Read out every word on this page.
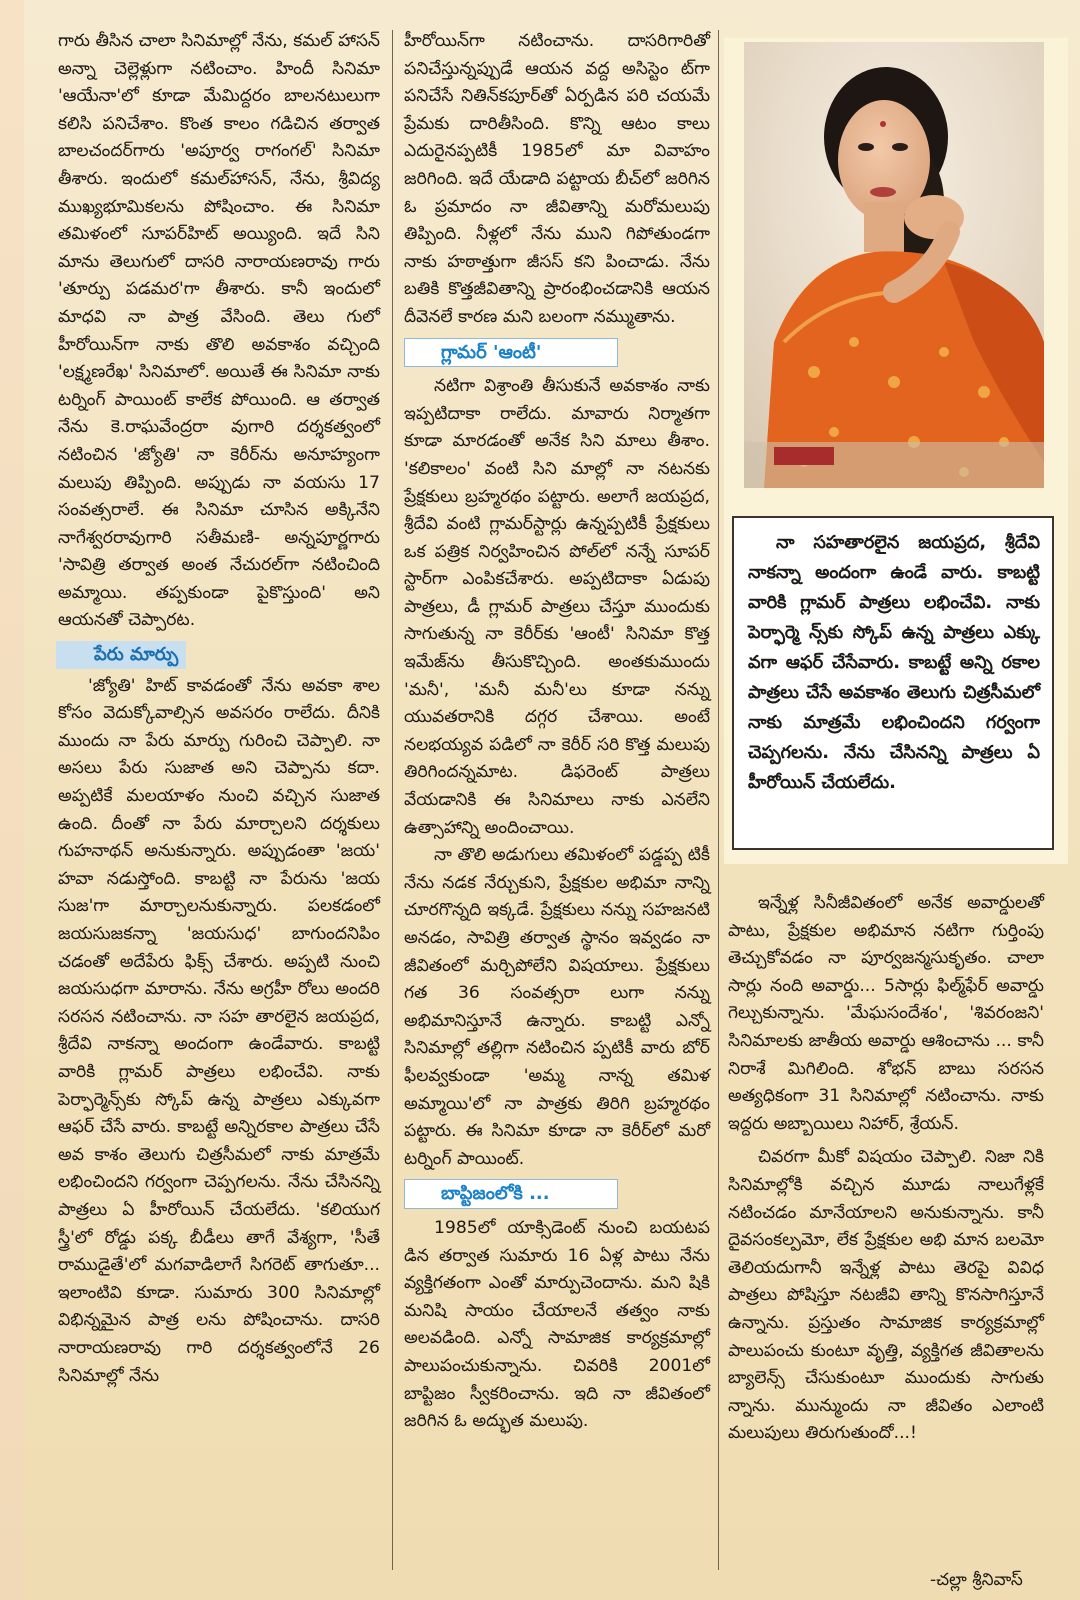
గారు తీసిన చాలా సినిమాల్లో నేను, కమల్ హాసన్ అన్నా చెల్లెళ్లుగా నటించాం. హిందీ సినిమా 'ఆయేనా'లో కూడా మేమిద్దరం బాలనటులుగా కలిసి పనిచేశాం. కొంత కాలం గడిచిన తర్వాత బాలచందర్‌గారు 'అపూర్వ రాగంగల్' సినిమా తీశారు. ఇందులో కమల్‌హాసన్, నేను, శ్రీవిద్య ముఖ్యభూమికలను పోషించాం. ఈ సినిమా తమిళంలో సూపర్‌హిట్ అయ్యింది. ఇదే సిని మాను తెలుగులో దాసరి నారాయణరావు గారు 'తూర్పు పడమర'గా తీశారు. కానీ ఇందులో మాధవి నా పాత్ర వేసింది. తెలు గులో హీరోయిన్‌గా నాకు తొలి అవకాశం వచ్చింది 'లక్ష్మణరేఖ' సినిమాలో. అయితే ఈ సినిమా నాకు టర్నింగ్ పాయింట్ కాలేక పోయింది. ఆ తర్వాత నేను కె.రాఘవేంద్రరా వుగారి దర్శకత్వంలో నటించిన 'జ్యోతి' నా కెరీర్‌ను అనూహ్యంగా మలుపు తిప్పింది. అప్పుడు నా వయసు 17 సంవత్సరాలే. ఈ సినిమా చూసిన అక్కినేని నాగేశ్వరరావుగారి సతీమణి- అన్నపూర్ణగారు 'సావిత్రి తర్వాత అంత నేచురల్‌గా నటించింది అమ్మాయి. తప్పకుండా పైకొస్తుంది' అని ఆయనతో చెప్పారట.

పేరు మార్పు

'జ్యోతి' హిట్ కావడంతో నేను అవకా శాల కోసం వెదుక్కోవాల్సిన అవసరం రాలేదు. దీనికి ముందు నా పేరు మార్పు గురించి చెప్పాలి. నా అసలు పేరు సుజాత అని చెప్పాను కదా. అప్పటికే మలయాళం నుంచి వచ్చిన సుజాత ఉంది. దీంతో నా పేరు మార్చాలని దర్శకులు గుహనాథన్ అనుకున్నారు. అప్పుడంతా 'జయ' హవా నడుస్తోంది. కాబట్టి నా పేరును 'జయ సుజ'గా మార్చాలనుకున్నారు. పలకడంలో జయసుజకన్నా 'జయసుధ' బాగుందనిపిం చడంతో అదేపేరు ఫిక్స్ చేశారు. అప్పటి నుంచి జయసుధగా మారాను. నేను అగ్రహీ రోలు అందరి సరసన నటించాను. నా సహ తారలైన జయప్రద, శ్రీదేవి నాకన్నా అందంగా ఉండేవారు. కాబట్టి వారికి గ్లామర్ పాత్రలు లభించేవి. నాకు పెర్ఫార్మెన్స్‌కు స్కోప్ ఉన్న పాత్రలు ఎక్కువగా ఆఫర్ చేసే వారు. కాబట్టే అన్నిరకాల పాత్రలు చేసే అవ కాశం తెలుగు చిత్రసీమలో నాకు మాత్రమే లభించిందని గర్వంగా చెప్పగలను. నేను చేసినన్ని పాత్రలు ఏ హీరోయిన్ చేయలేదు. 'కలియుగ స్త్రీ'లో రోడ్డు పక్క బీడీలు తాగే వేశ్యగా, 'సీతే రాముడైతే'లో మగవాడిలాగే సిగరెట్ తాగుతూ... ఇలాంటివి కూడా. సుమారు 300 సినిమాల్లో విభిన్నమైన పాత్ర లను పోషించాను. దాసరి నారాయణరావు గారి దర్శకత్వంలోనే 26 సినిమాల్లో నేను

హీరోయిన్‌గా నటించాను. దాసరిగారితో పనిచేస్తున్నప్పుడే ఆయన వద్ద అసిస్టెం ట్‌గా పనిచేసే నితిన్‌కపూర్‌తో ఏర్పడిన పరి చయమే ప్రేమకు దారితీసింది. కొన్ని ఆటం కాలు ఎదురైనప్పటికీ 1985లో మా వివాహం జరిగింది. ఇదే యేడాది పట్టాయ బీచ్‌లో జరిగిన ఓ ప్రమాదం నా జీవితాన్ని మరోమలుపు తిప్పింది. నీళ్లలో నేను ముని గిపోతుండగా నాకు హఠాత్తుగా జీసస్ కని పించాడు. నేను బతికి కొత్తజీవితాన్ని ప్రారంభించడానికి ఆయన దీవెనలే కారణ మని బలంగా నమ్ముతాను.

గ్లామర్ 'ఆంటీ'

నటిగా విశ్రాంతి తీసుకునే అవకాశం నాకు ఇప్పటిదాకా రాలేదు. మావారు నిర్మాతగా కూడా మారడంతో అనేక సిని మాలు తీశాం. 'కలికాలం' వంటి సిని మాల్లో నా నటనకు ప్రేక్షకులు బ్రహ్మరథం పట్టారు. అలాగే జయప్రద, శ్రీదేవి వంటి గ్లామర్‌స్టార్లు ఉన్నప్పటికీ ప్రేక్షకులు ఒక పత్రిక నిర్వహించిన పోల్‌లో నన్నే సూపర్ స్టార్‌గా ఎంపికచేశారు. అప్పటిదాకా ఏడుపు పాత్రలు, డీ గ్లామర్ పాత్రలు చేస్తూ ముందుకు సాగుతున్న నా కెరీర్‌కు 'ఆంటీ' సినిమా కొత్త ఇమేజ్‌ను తీసుకొచ్చింది. అంతకుముందు 'మనీ', 'మనీ మనీ'లు కూడా నన్ను యువతరానికి దగ్గర చేశాయి. అంటే నలభయ్యవ పడిలో నా కెరీర్ సరి కొత్త మలుపు తిరిగిందన్నమాట. డిఫరెంట్ పాత్రలు వేయడానికి ఈ సినిమాలు నాకు ఎనలేని ఉత్సాహాన్ని అందించాయి.

నా తొలి అడుగులు తమిళంలో పడ్డప్ప టికీ నేను నడక నేర్చుకుని, ప్రేక్షకుల అభిమా నాన్ని చూరగొన్నది ఇక్కడే. ప్రేక్షకులు నన్ను సహజనటి అనడం, సావిత్రి తర్వాత స్థానం ఇవ్వడం నా జీవితంలో మర్చిపోలేని విషయాలు. ప్రేక్షకులు గత 36 సంవత్సరా లుగా నన్ను అభిమానిస్తూనే ఉన్నారు. కాబట్టి ఎన్నో సినిమాల్లో తల్లిగా నటించిన ప్పటికీ వారు బోర్ ఫీలవ్వకుండా 'అమ్మ నాన్న తమిళ అమ్మాయి'లో నా పాత్రకు తిరిగి బ్రహ్మరథం పట్టారు. ఈ సినిమా కూడా నా కెరీర్‌లో మరో టర్నింగ్ పాయింట్.

బాప్టిజంలోకి ...

1985లో యాక్సిడెంట్ నుంచి బయటప డిన తర్వాత సుమారు 16 ఏళ్ల పాటు నేను వ్యక్తిగతంగా ఎంతో మార్పుచెందాను. మని షికి మనిషి సాయం చేయాలనే తత్వం నాకు అలవడింది. ఎన్నో సామాజిక కార్యక్రమాల్లో పాలుపంచుకున్నాను. చివరికి 2001లో బాప్టిజం స్వీకరించాను. ఇది నా జీవితంలో జరిగిన ఓ అద్భుత మలుపు.

నా సహతారలైన జయప్రద, శ్రీదేవి నాకన్నా అందంగా ఉండే వారు. కాబట్టి వారికి గ్లామర్ పాత్రలు లభించేవి. నాకు పెర్ఫార్మె న్స్‌కు స్కోప్ ఉన్న పాత్రలు ఎక్కు వగా ఆఫర్ చేసేవారు. కాబట్టే అన్ని రకాల పాత్రలు చేసే అవకాశం తెలుగు చిత్రసీమలో నాకు మాత్రమే లభించిందని గర్వంగా చెప్పగలను. నేను చేసినన్ని పాత్రలు ఏ హీరోయిన్ చేయలేదు.

ఇన్నేళ్ల సినీజీవితంలో అనేక అవార్డులతో పాటు, ప్రేక్షకుల అభిమాన నటిగా గుర్తింపు తెచ్చుకోవడం నా పూర్వజన్మసుకృతం. చాలా సార్లు నంది అవార్డు... 5సార్లు ఫిల్మ్‌ఫేర్ అవార్డు గెల్చుకున్నాను. 'మేఘసందేశం', 'శివరంజని' సినిమాలకు జాతీయ అవార్డు ఆశించాను ... కానీ నిరాశే మిగిలింది. శోభన్ బాబు సరసన అత్యధికంగా 31 సినిమాల్లో నటించాను. నాకు ఇద్దరు అబ్బాయిలు నిహార్, శ్రేయన్.

చివరగా మీకో విషయం చెప్పాలి. నిజా నికి సినిమాల్లోకి వచ్చిన మూడు నాలుగేళ్లకే నటించడం మానేయాలని అనుకున్నాను. కానీ దైవసంకల్పమో, లేక ప్రేక్షకుల అభి మాన బలమో తెలియదుగానీ ఇన్నేళ్ల పాటు తెరపై వివిధ పాత్రలు పోషిస్తూ నటజీవి తాన్ని కొనసాగిస్తూనే ఉన్నాను. ప్రస్తుతం సామాజిక కార్యక్రమాల్లో పాలుపంచు కుంటూ వృత్తి, వ్యక్తిగత జీవితాలను బ్యాలెన్స్ చేసుకుంటూ ముందుకు సాగుతు న్నాను. మున్ముందు నా జీవితం ఎలాంటి మలుపులు తిరుగుతుందో...!

-చల్లా శ్రీనివాస్
